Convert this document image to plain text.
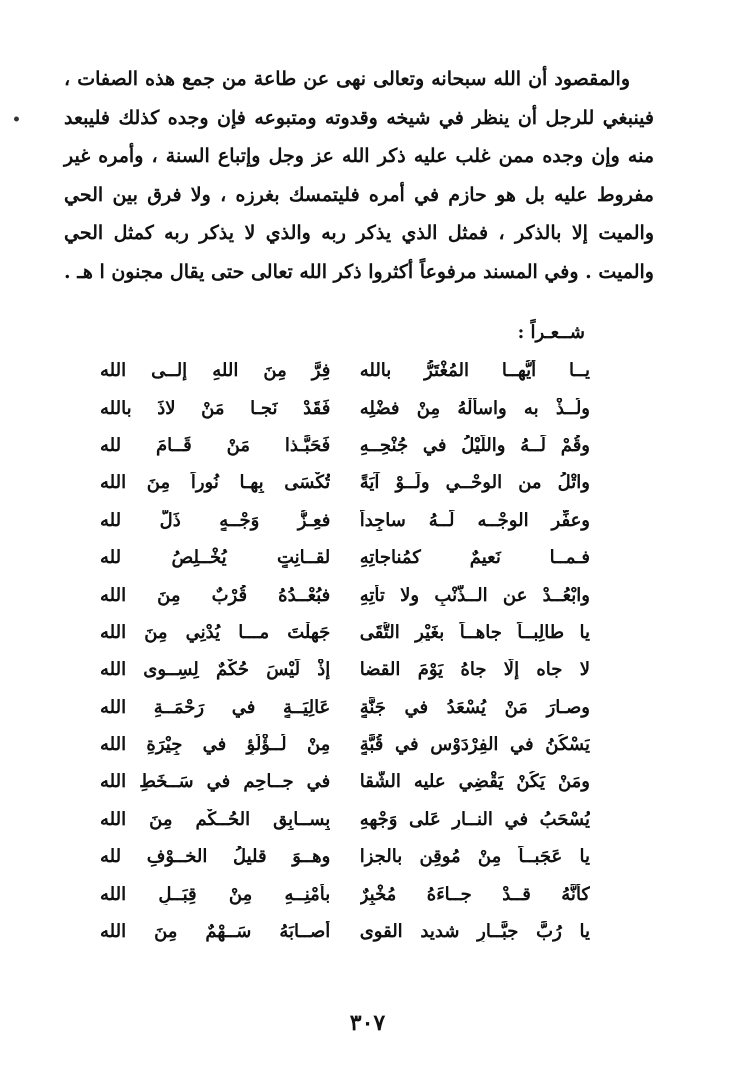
•

والمقصود أن الله سبحانه وتعالى نهى عن طاعة من جمع هذه الصفات ، فينبغي للرجل أن ينظر في شيخه وقدوته ومتبوعه فإن وجده كذلك فليبعد منه وإن وجده ممن غلب عليه ذكر الله عز وجل وإتباع السنة ، وأمره غير مفروط عليه بل هو حازم في أمره فليتمسك بغرزه ، ولا فرق بين الحي والميت إلا بالذكر ، فمثل الذي يذكر ربه والذي لا يذكر ربه كمثل الحي والميت . وفي المسند مرفوعاً أكثروا ذكر الله تعالى حتى يقال مجنون ا هـ .

شــعـراً :
يــا أيُّهــا المُغْتَرُّ بالله
فِرَّ مِنَ اللهِ إلــى الله
ولُــذْ به واسأَلْهُ مِنْ فضْلِه
فَقَدْ نَجـا مَنْ لاذَ بالله
وقُمْ لَــهُ واللَّيْلُ في جُنْحِــهِ
فَحَبَّـذا مَنْ قَــامَ لله
واتْلُ من الوحْــيِ ولَــوْ آيَةً
تُكْسَى بِهـا نُوراً مِنَ الله
وعفِّر الوجْــه لَــهُ ساجِداً
فعِـزُّ وَجْــهٍ ذَلَّ لله
فـمــا نَعيمٌ كمُناجاتِهِ
لقــانِتٍ يُخْــلِصُ لله
وابْعُــدْ عن الــذَّنْبِ ولا تأتِهِ
فبُعْــدُهُ قُرْبٌ مِنَ الله
يا طالِبــاً جاهــاً بغَيْرِ التُّقَى
جَهِلْتَ مـــا يُدْنِي مِنَ الله
لا جاه إلَّا جاهُ يَوْمَ القضا
إذْ لَيْسَ حُكْمٌ لِسِــوى الله
وصـارَ مَنْ يُسْعَدُ في جَنَّةٍ
عَالِيَــةٍ في رَحْمَــةِ الله
يَسْكُنُ في الفِرْدَوْسِ في قُبَّةٍ
مِنْ لُــؤْلُؤٍ في جِيْرَةِ الله
ومَنْ يَكُنْ يَقْضِي عليه الشَّقا
في جــاحِمٍ في سَــخَطِ الله
يُسْحَبُ في النــارِ عَلى وَجْهِهِ
بِســابِقِ الحُــكْمِ مِنَ الله
يا عَجَبــاً مِنْ مُوقِنٍ بالجزا
وهــوَ قليلُ الخــوْفِ لله
كأنَّهُ قــدْ جــاءَهُ مُخْبِرٌ
بأمْنِــهِ مِنْ قِبَــلِ الله
يا رُبَّ جبَّــارٍ شديد القوى
أصــابَهُ سَــهْمٌ مِنَ الله
٣٠٧
